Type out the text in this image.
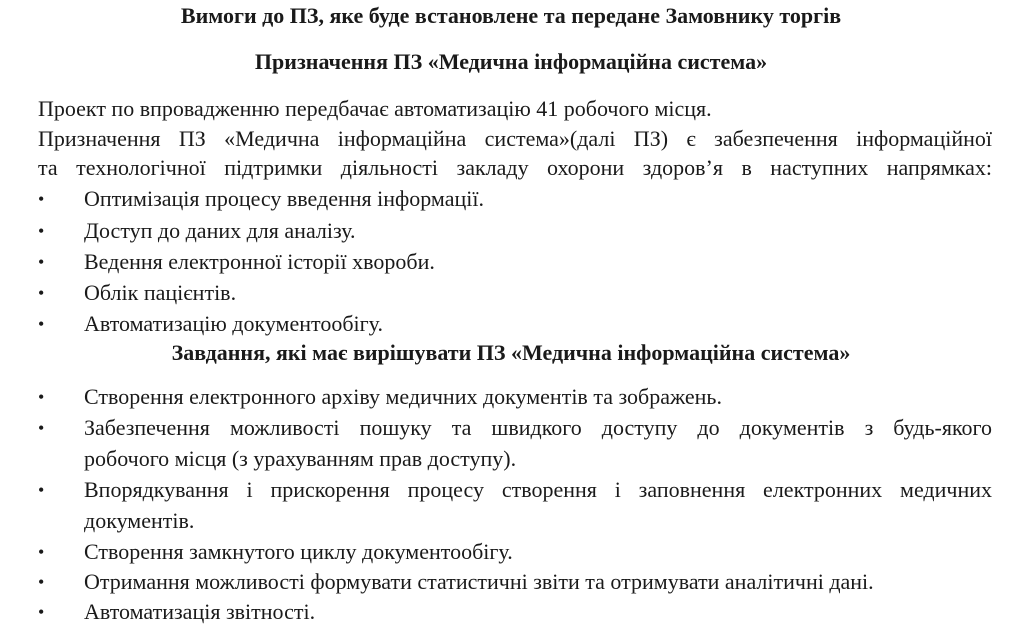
Вимоги до ПЗ, яке буде встановлене та передане Замовнику торгів
Призначення ПЗ «Медична інформаційна система»
Проект по впровадженню передбачає автоматизацію 41 робочого місця.
Призначення ПЗ «Медична інформаційна система»(далі ПЗ) є забезпечення інформаційної
та технологічної підтримки діяльності закладу охорони здоров’я в наступних напрямках:
• Оптимізація процесу введення інформації.
• Доступ до даних для аналізу.
• Ведення електронної історії хвороби.
• Облік пацієнтів.
• Автоматизацію документообігу.
Завдання, які має вирішувати ПЗ «Медична інформаційна система»
• Створення електронного архіву медичних документів та зображень.
• Забезпечення можливості пошуку та швидкого доступу до документів з будь-якого
робочого місця (з урахуванням прав доступу).
• Впорядкування і прискорення процесу створення і заповнення електронних медичних
документів.
• Створення замкнутого циклу документообігу.
• Отримання можливості формувати статистичні звіти та отримувати аналітичні дані.
• Автоматизація звітності.
